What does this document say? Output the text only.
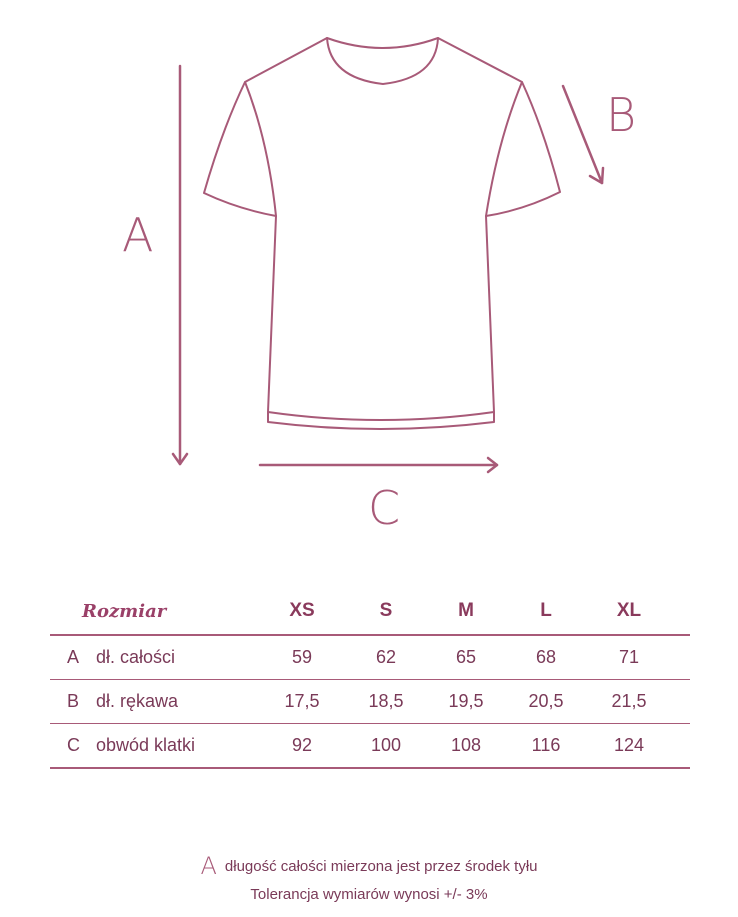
A
B
C
Rozmiar	XS	S	M	L	XL
A dł. całości	59	62	65	68	71
B dł. rękawa	17,5	18,5	19,5	20,5	21,5
C obwód klatki	92	100	108	116	124
Adługość całości mierzona jest przez środek tyłu
Tolerancja wymiarów wynosi +/- 3%
